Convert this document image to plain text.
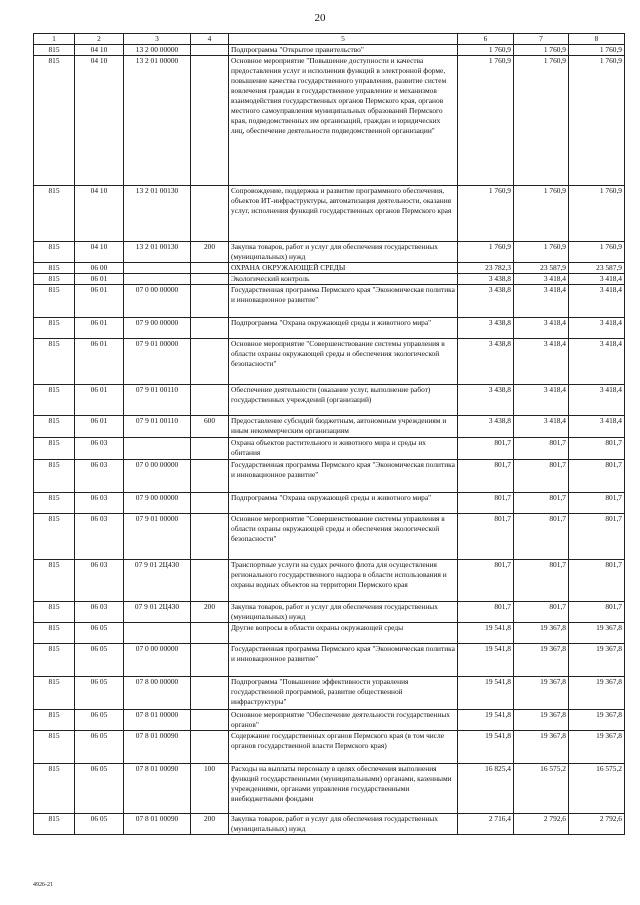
20
1	2	3	4	5	6	7	8
815	04 10	13 2 00 00000		Подпрограмма "Открытое правительство"	1 760,9	1 760,9	1 760,9
815	04 10	13 2 01 00000		Основное мероприятие "Повышение доступности и качества предоставления услуг и исполнения функций в электронной форме, повышение качества государственного управления, развитие систем вовлечения граждан в государственное управление и механизмов взаимодействия государственных органов Пермского края, органов местного самоуправления муниципальных образований Пермского края, подведомственных им организаций, граждан и юридических лиц, обеспечение деятельности подведомственной организации"	1 760,9	1 760,9	1 760,9
815	04 10	13 2 01 00130		Сопровождение, поддержка и развитие программного обеспечения, объектов ИТ-инфраструктуры, автоматизация деятельности, оказания услуг, исполнения функций государственных органов Пермского края	1 760,9	1 760,9	1 760,9
815	04 10	13 2 01 00130	200	Закупка товаров, работ и услуг для обеспечения государственных (муниципальных) нужд	1 760,9	1 760,9	1 760,9
815	06 00			ОХРАНА ОКРУЖАЮЩЕЙ СРЕДЫ	23 782,3	23 587,9	23 587,9
815	06 01			Экологический контроль	3 438,8	3 418,4	3 418,4
815	06 01	07 0 00 00000		Государственная программа Пермского края "Экономическая политика и инновационное развитие"	3 438,8	3 418,4	3 418,4
815	06 01	07 9 00 00000		Подпрограмма "Охрана окружающей среды и животного мира"	3 438,8	3 418,4	3 418,4
815	06 01	07 9 01 00000		Основное мероприятие "Совершенствование системы управления в области охраны окружающей среды и обеспечения экологической безопасности"	3 438,8	3 418,4	3 418,4
815	06 01	07 9 01 00110		Обеспечение деятельности (оказание услуг, выполнение работ) государственных учреждений (организаций)	3 438,8	3 418,4	3 418,4
815	06 01	07 9 01 00110	600	Предоставление субсидий бюджетным, автономным учреждениям и иным некоммерческим организациям	3 438,8	3 418,4	3 418,4
815	06 03			Охрана объектов растительного и животного мира и среды их обитания	801,7	801,7	801,7
815	06 03	07 0 00 00000		Государственная программа Пермского края "Экономическая политика и инновационное развитие"	801,7	801,7	801,7
815	06 03	07 9 00 00000		Подпрограмма "Охрана окружающей среды и животного мира"	801,7	801,7	801,7
815	06 03	07 9 01 00000		Основное мероприятие "Совершенствование системы управления в области охраны окружающей среды и обеспечения экологической безопасности"	801,7	801,7	801,7
815	06 03	07 9 01 2Ц430		Транспортные услуги на судах речного флота для осуществления регионального государственного надзора в области использования и охраны водных объектов на территории Пермского края	801,7	801,7	801,7
815	06 03	07 9 01 2Ц430	200	Закупка товаров, работ и услуг для обеспечения государственных (муниципальных) нужд	801,7	801,7	801,7
815	06 05			Другие вопросы в области охраны окружающей среды	19 541,8	19 367,8	19 367,8
815	06 05	07 0 00 00000		Государственная программа Пермского края "Экономическая политика и инновационное развитие"	19 541,8	19 367,8	19 367,8
815	06 05	07 8 00 00000		Подпрограмма "Повышение эффективности управления государственной программой, развитие общественной инфраструктуры"	19 541,8	19 367,8	19 367,8
815	06 05	07 8 01 00000		Основное мероприятие "Обеспечение деятельности государственных органов"	19 541,8	19 367,8	19 367,8
815	06 05	07 8 01 00090		Содержание государственных органов Пермского края (в том числе органов государственной власти Пермского края)	19 541,8	19 367,8	19 367,8
815	06 05	07 8 01 00090	100	Расходы на выплаты персоналу в целях обеспечения выполнения функций государственными (муниципальными) органами, казенными учреждениями, органами управления государственными внебюджетными фондами	16 825,4	16 575,2	16 575,2
815	06 05	07 8 01 00090	200	Закупка товаров, работ и услуг для обеспечения государственных (муниципальных) нужд	2 716,4	2 792,6	2 792,6
4926-21
